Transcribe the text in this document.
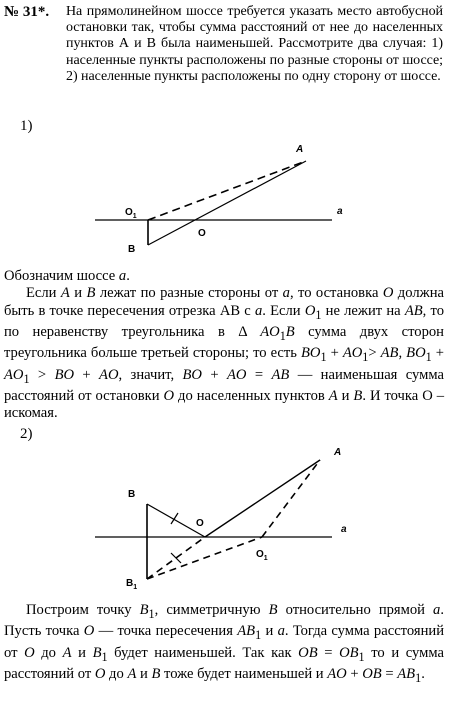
№ 31*. На прямолинейном шоссе требуется указать место автобусной остановки так, чтобы сумма расстояний от нее до населенных пунктов А и В была наименьшей. Рассмотрите два случая: 1) населенные пункты расположены по разные стороны от шоссе; 2) населенные пункты расположены по одну сторону от шоссе.
1)
A
$O_1$
O
B
a
Обозначим шоссе a.
Если A и B лежат по разные стороны от a, то остановка O должна быть в точке пересечения отрезка АВ с a. Если $O_1$ не лежит на AB, то по неравенству треугольника в Δ $AO_1B$ сумма двух сторон треугольника больше третьей стороны; то есть $BO_1 + AO_1>$ AB, $BO_1 + AO_1$ > BO + AO, значит, BO + AO = AB — наименьшая сумма расстояний от остановки O до населенных пунктов A и B. И точка О – искомая.
2)
A
B
O
$O_1$
$B_1$
a
Построим точку $B_1$, симметричную B относительно прямой a. Пусть точка O — точка пересечения $AB_1$ и a. Тогда сумма расстояний от O до A и $B_1$ будет наименьшей. Так как OB = $OB_1$ то и сумма расстояний от O до A и B тоже будет наименьшей и AO + OB = $AB_1$.
